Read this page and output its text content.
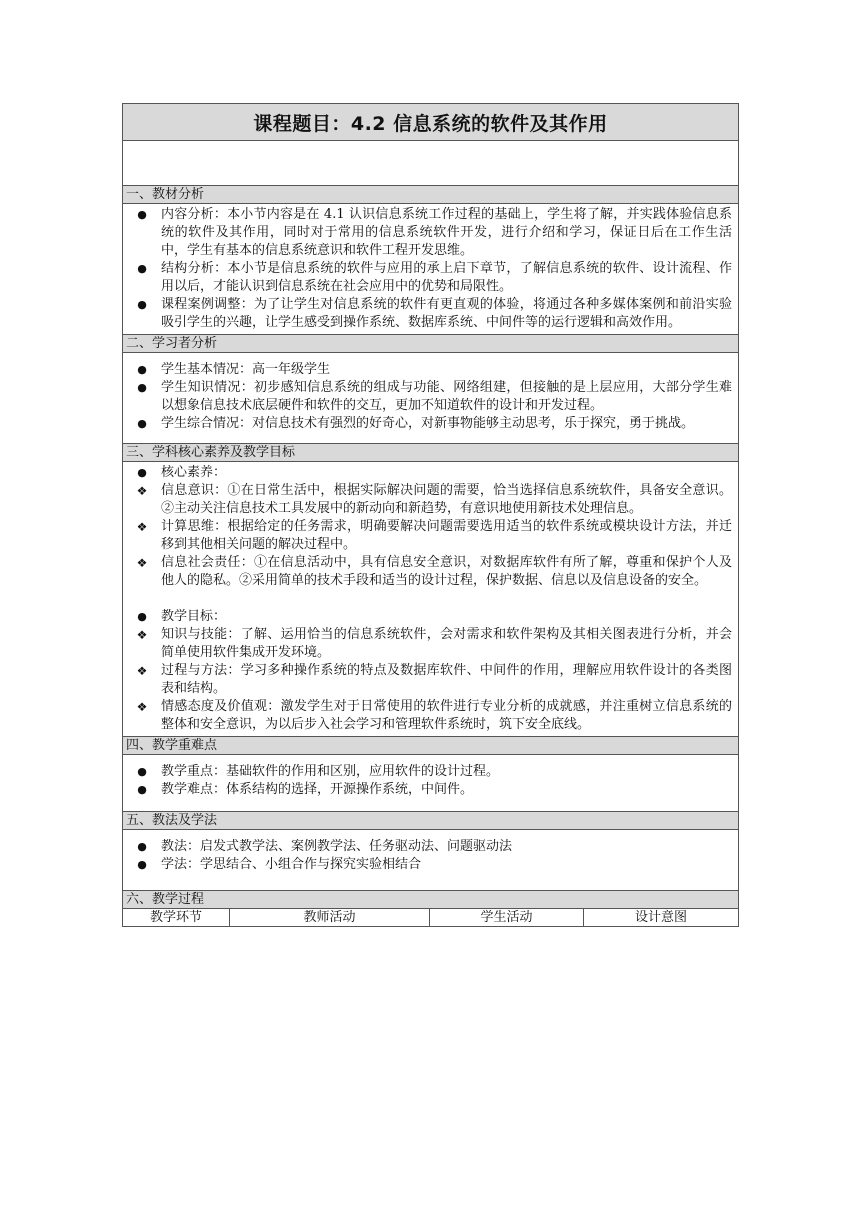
课程题目：4.2 信息系统的软件及其作用

一、教材分析

●	内容分析：本小节内容是在 4.1 认识信息系统工作过程的基础上，学生将了解，并实践体验信息系统的软件及其作用，同时对于常用的信息系统软件开发，进行介绍和学习，保证日后在工作生活中，学生有基本的信息系统意识和软件工程开发思维。
●	结构分析：本小节是信息系统的软件与应用的承上启下章节，了解信息系统的软件、设计流程、作用以后，才能认识到信息系统在社会应用中的优势和局限性。
●	课程案例调整：为了让学生对信息系统的软件有更直观的体验，将通过各种多媒体案例和前沿实验吸引学生的兴趣，让学生感受到操作系统、数据库系统、中间件等的运行逻辑和高效作用。

二、学习者分析

●	学生基本情况：高一年级学生
●	学生知识情况：初步感知信息系统的组成与功能、网络组建，但接触的是上层应用，大部分学生难以想象信息技术底层硬件和软件的交互，更加不知道软件的设计和开发过程。
●	学生综合情况：对信息技术有强烈的好奇心，对新事物能够主动思考，乐于探究，勇于挑战。

三、学科核心素养及教学目标

●	核心素养：
❖	信息意识：①在日常生活中，根据实际解决问题的需要，恰当选择信息系统软件，具备安全意识。②主动关注信息技术工具发展中的新动向和新趋势，有意识地使用新技术处理信息。
❖	计算思维：根据给定的任务需求，明确要解决问题需要选用适当的软件系统或模块设计方法，并迁移到其他相关问题的解决过程中。
❖	信息社会责任：①在信息活动中，具有信息安全意识，对数据库软件有所了解，尊重和保护个人及他人的隐私。②采用简单的技术手段和适当的设计过程，保护数据、信息以及信息设备的安全。
●	教学目标：
❖	知识与技能：了解、运用恰当的信息系统软件，会对需求和软件架构及其相关图表进行分析，并会简单使用软件集成开发环境。
❖	过程与方法：学习多种操作系统的特点及数据库软件、中间件的作用，理解应用软件设计的各类图表和结构。
❖	情感态度及价值观：激发学生对于日常使用的软件进行专业分析的成就感，并注重树立信息系统的整体和安全意识，为以后步入社会学习和管理软件系统时，筑下安全底线。

四、教学重难点

●	教学重点：基础软件的作用和区别，应用软件的设计过程。
●	教学难点：体系结构的选择，开源操作系统，中间件。

五、教法及学法

●	教法：启发式教学法、案例教学法、任务驱动法、问题驱动法
●	学法：学思结合、小组合作与探究实验相结合

六、教学过程
教学环节	教师活动	学生活动	设计意图
